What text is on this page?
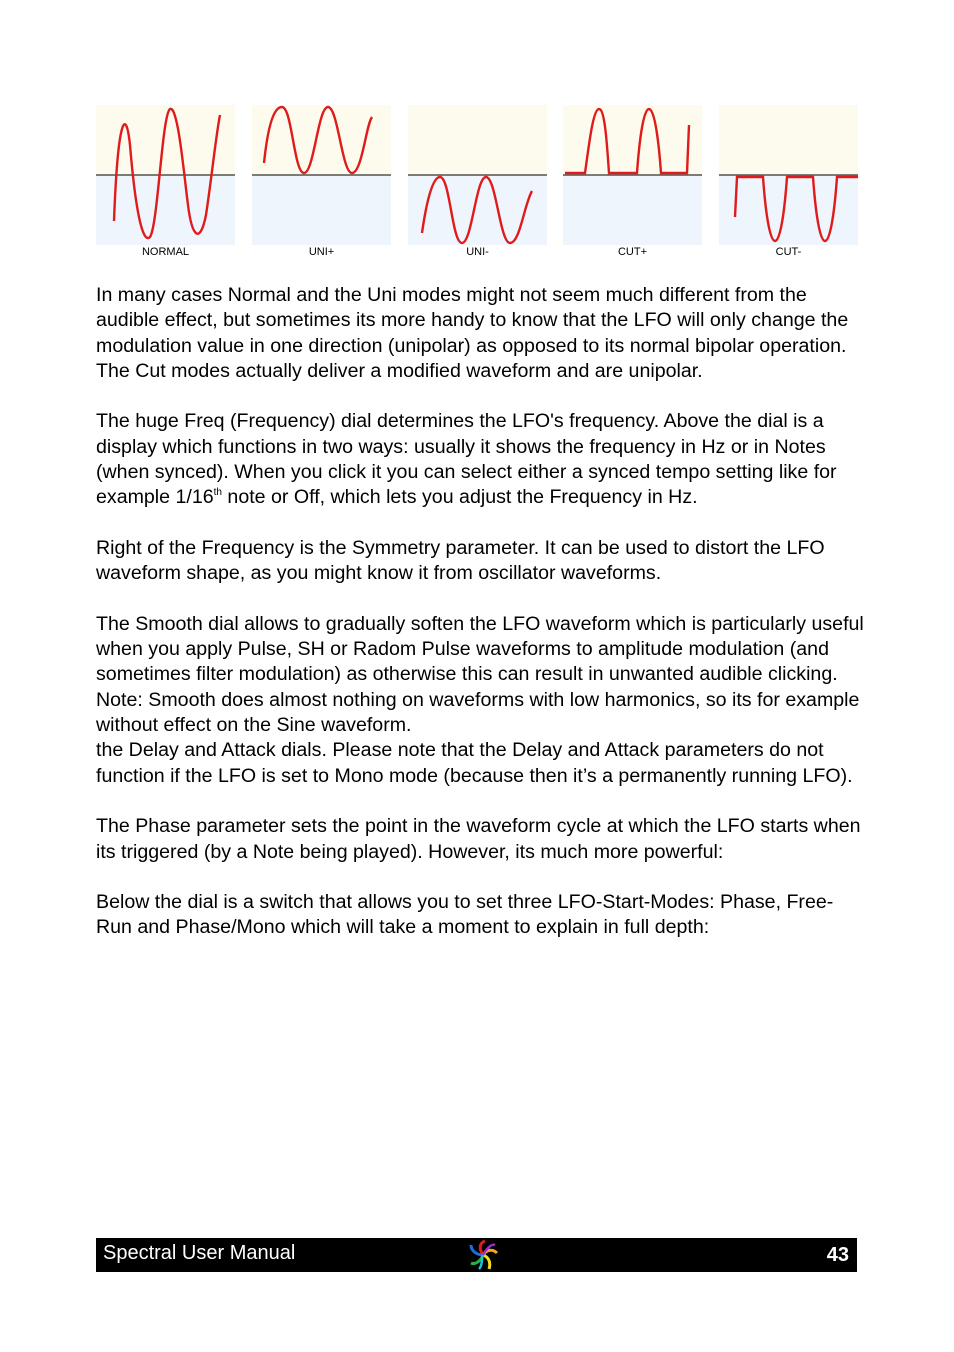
NORMAL	UNI+	UNI-	CUT+	CUT-

In many cases Normal and the Uni modes might not seem much different from the audible effect, but sometimes its more handy to know that the LFO will only change the modulation value in one direction (unipolar) as opposed to its normal bipolar operation.

The Cut modes actually deliver a modified waveform and are unipolar.

The huge Freq (Frequency) dial determines the LFO's frequency. Above the dial is a display which functions in two ways: usually it shows the frequency in Hz or in Notes (when synced). When you click it you can select either a synced tempo setting like for example 1/16th note or Off, which lets you adjust the Frequency in Hz.

Right of the Frequency is the Symmetry parameter. It can be used to distort the LFO waveform shape, as you might know it from oscillator waveforms.

The Smooth dial allows to gradually soften the LFO waveform which is particularly useful when you apply Pulse, SH or Radom Pulse waveforms to amplitude modulation (and sometimes filter modulation) as otherwise this can result in unwanted audible clicking.

Note: Smooth does almost nothing on waveforms with low harmonics, so its for example without effect on the Sine waveform.

the Delay and Attack dials. Please note that the Delay and Attack parameters do not function if the LFO is set to Mono mode (because then it’s a permanently running LFO).

The Phase parameter sets the point in the waveform cycle at which the LFO starts when its triggered (by a Note being played). However, its much more powerful:

Below the dial is a switch that allows you to set three LFO-Start-Modes: Phase, Free-Run and Phase/Mono which will take a moment to explain in full depth:

Spectral User Manual	43
